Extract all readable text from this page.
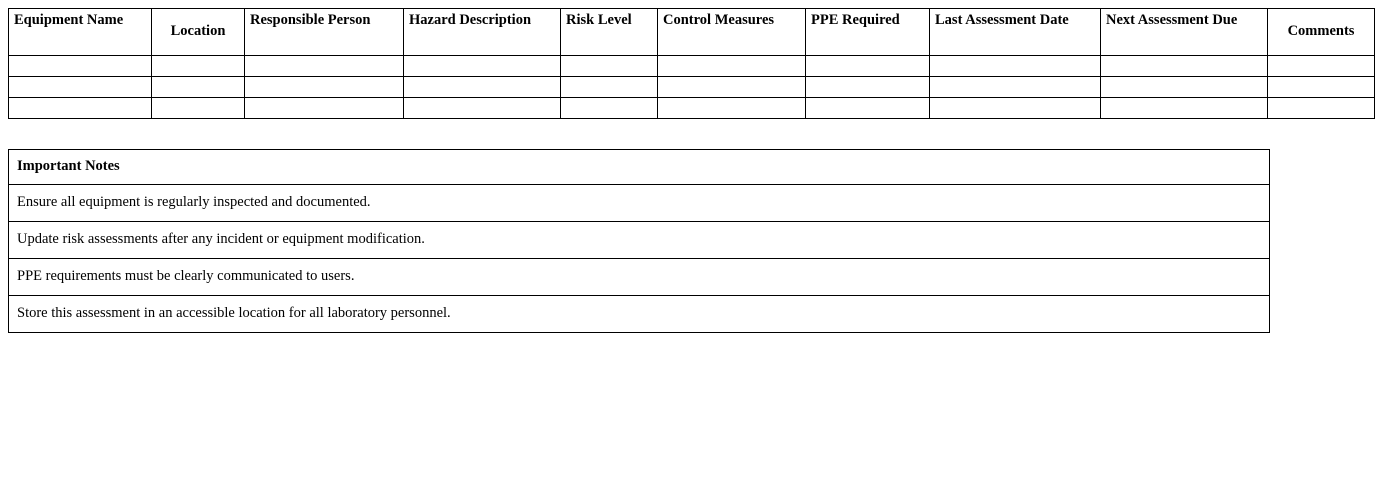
Equipment Name	Location	Responsible Person	Hazard Description	Risk Level	Control Measures	PPE Required	Last Assessment Date	Next Assessment Due	Comments

Important Notes
Ensure all equipment is regularly inspected and documented.
Update risk assessments after any incident or equipment modification.
PPE requirements must be clearly communicated to users.
Store this assessment in an accessible location for all laboratory personnel.
